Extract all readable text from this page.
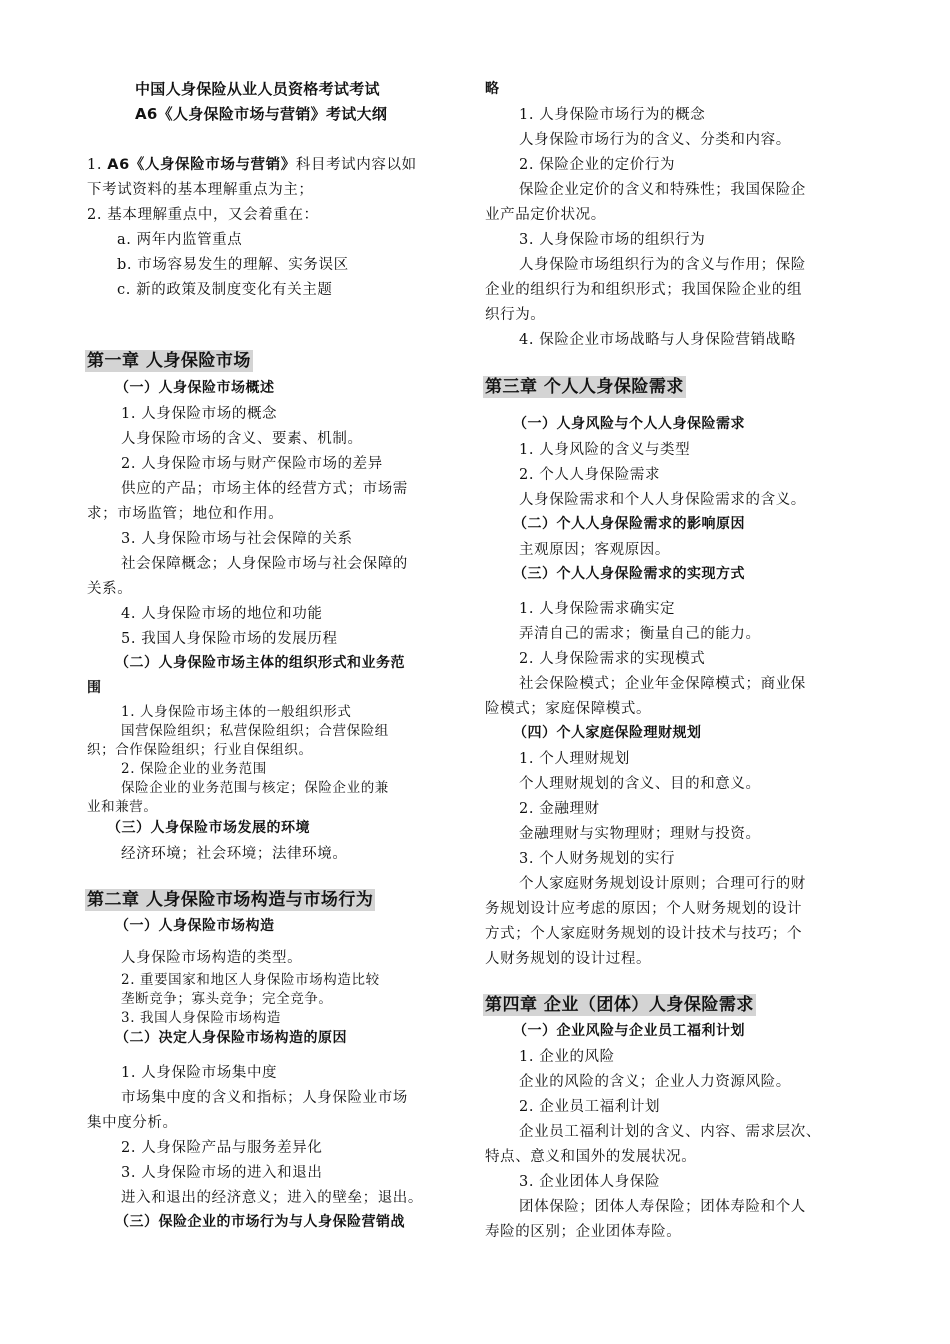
中国人身保险从业人员资格考试考试
A6《人身保险市场与营销》考试大纲
1. A6《人身保险市场与营销》科目考试内容以如
下考试资料的基本理解重点为主；
2. 基本理解重点中，又会着重在：
a. 两年内监管重点
b. 市场容易发生的理解、实务误区
c. 新的政策及制度变化有关主题
第一章 人身保险市场
（一）人身保险市场概述
1. 人身保险市场的概念
人身保险市场的含义、要素、机制。
2. 人身保险市场与财产保险市场的差异
供应的产品；市场主体的经营方式；市场需
求；市场监管；地位和作用。
3. 人身保险市场与社会保障的关系
社会保障概念；人身保险市场与社会保障的
关系。
4. 人身保险市场的地位和功能
5. 我国人身保险市场的发展历程
（二）人身保险市场主体的组织形式和业务范
围
1. 人身保险市场主体的一般组织形式
国营保险组织；私营保险组织；合营保险组
织；合作保险组织；行业自保组织。
2. 保险企业的业务范围
保险企业的业务范围与核定；保险企业的兼
业和兼营。
（三）人身保险市场发展的环境
经济环境；社会环境；法律环境。
第二章 人身保险市场构造与市场行为
（一）人身保险市场构造
人身保险市场构造的类型。
2. 重要国家和地区人身保险市场构造比较
垄断竞争；寡头竞争；完全竞争。
3. 我国人身保险市场构造
（二）决定人身保险市场构造的原因
1. 人身保险市场集中度
市场集中度的含义和指标；人身保险业市场
集中度分析。
2. 人身保险产品与服务差异化
3. 人身保险市场的进入和退出
进入和退出的经济意义；进入的壁垒；退出。
（三）保险企业的市场行为与人身保险营销战
略
1. 人身保险市场行为的概念
人身保险市场行为的含义、分类和内容。
2. 保险企业的定价行为
保险企业定价的含义和特殊性；我国保险企
业产品定价状况。
3. 人身保险市场的组织行为
人身保险市场组织行为的含义与作用；保险
企业的组织行为和组织形式；我国保险企业的组
织行为。
4. 保险企业市场战略与人身保险营销战略
第三章 个人人身保险需求
（一）人身风险与个人人身保险需求
1. 人身风险的含义与类型
2. 个人人身保险需求
人身保险需求和个人人身保险需求的含义。
（二）个人人身保险需求的影响原因
主观原因；客观原因。
（三）个人人身保险需求的实现方式
1. 人身保险需求确实定
弄清自己的需求；衡量自己的能力。
2. 人身保险需求的实现模式
社会保险模式；企业年金保障模式；商业保
险模式；家庭保障模式。
（四）个人家庭保险理财规划
1. 个人理财规划
个人理财规划的含义、目的和意义。
2. 金融理财
金融理财与实物理财；理财与投资。
3. 个人财务规划的实行
个人家庭财务规划设计原则；合理可行的财
务规划设计应考虑的原因；个人财务规划的设计
方式；个人家庭财务规划的设计技术与技巧；个
人财务规划的设计过程。
第四章 企业（团体）人身保险需求
（一）企业风险与企业员工福利计划
1. 企业的风险
企业的风险的含义；企业人力资源风险。
2. 企业员工福利计划
企业员工福利计划的含义、内容、需求层次、
特点、意义和国外的发展状况。
3. 企业团体人身保险
团体保险；团体人寿保险；团体寿险和个人
寿险的区别；企业团体寿险。
